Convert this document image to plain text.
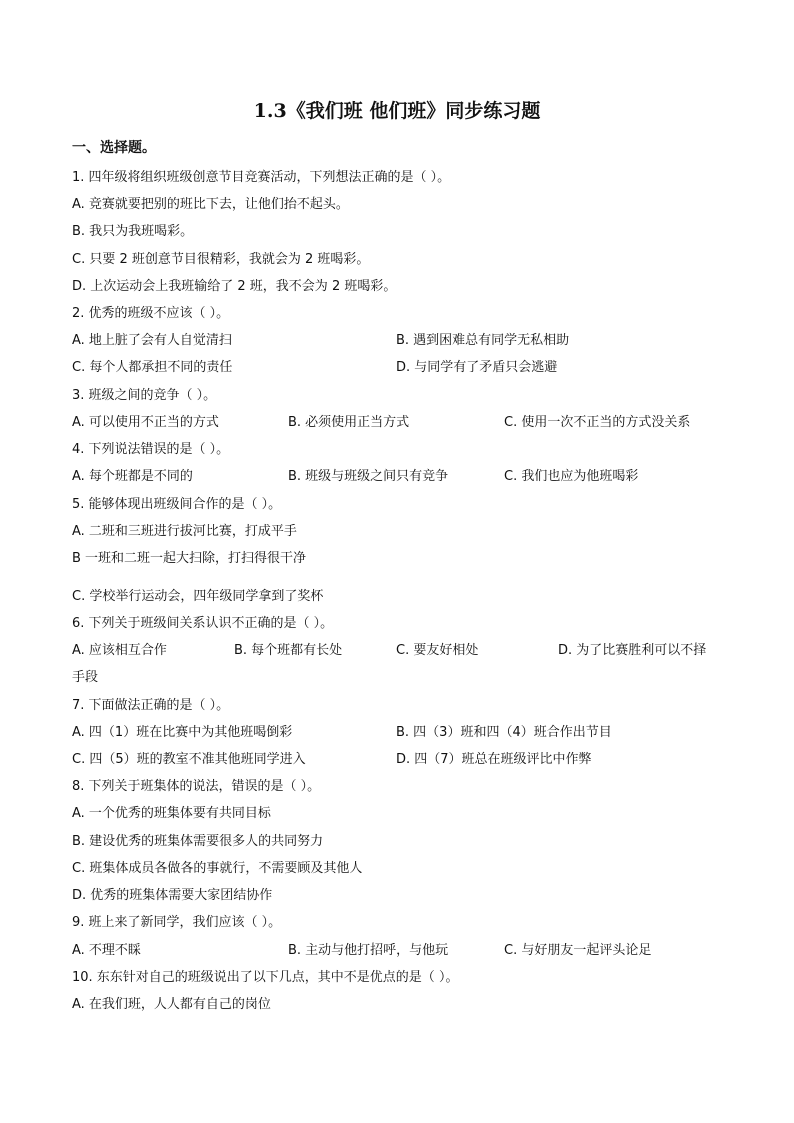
1.3《我们班 他们班》同步练习题
一、选择题。
1. 四年级将组织班级创意节目竞赛活动，下列想法正确的是（ ）。
A. 竞赛就要把别的班比下去，让他们抬不起头。
B. 我只为我班喝彩。
C. 只要 2 班创意节目很精彩，我就会为 2 班喝彩。
D. 上次运动会上我班输给了 2 班，我不会为 2 班喝彩。
2. 优秀的班级不应该（ ）。
A. 地上脏了会有人自觉清扫	B. 遇到困难总有同学无私相助
C. 每个人都承担不同的责任	D. 与同学有了矛盾只会逃避
3. 班级之间的竞争（ ）。
A. 可以使用不正当的方式	B. 必须使用正当方式	C. 使用一次不正当的方式没关系
4. 下列说法错误的是（ ）。
A. 每个班都是不同的	B. 班级与班级之间只有竞争	C. 我们也应为他班喝彩
5. 能够体现出班级间合作的是（ ）。
A. 二班和三班进行拔河比赛，打成平手
B 一班和二班一起大扫除，打扫得很干净
C. 学校举行运动会，四年级同学拿到了奖杯
6. 下列关于班级间关系认识不正确的是（ ）。
A. 应该相互合作	B. 每个班都有长处	C. 要友好相处	D. 为了比赛胜利可以不择
手段
7. 下面做法正确的是（ ）。
A. 四（1）班在比赛中为其他班喝倒彩	B. 四（3）班和四（4）班合作出节目
C. 四（5）班的教室不准其他班同学进入	D. 四（7）班总在班级评比中作弊
8. 下列关于班集体的说法，错误的是（ ）。
A. 一个优秀的班集体要有共同目标
B. 建设优秀的班集体需要很多人的共同努力
C. 班集体成员各做各的事就行，不需要顾及其他人
D. 优秀的班集体需要大家团结协作
9. 班上来了新同学，我们应该（ ）。
A. 不理不睬	B. 主动与他打招呼，与他玩	C. 与好朋友一起评头论足
10. 东东针对自己的班级说出了以下几点，其中不是优点的是（ ）。
A. 在我们班，人人都有自己的岗位
